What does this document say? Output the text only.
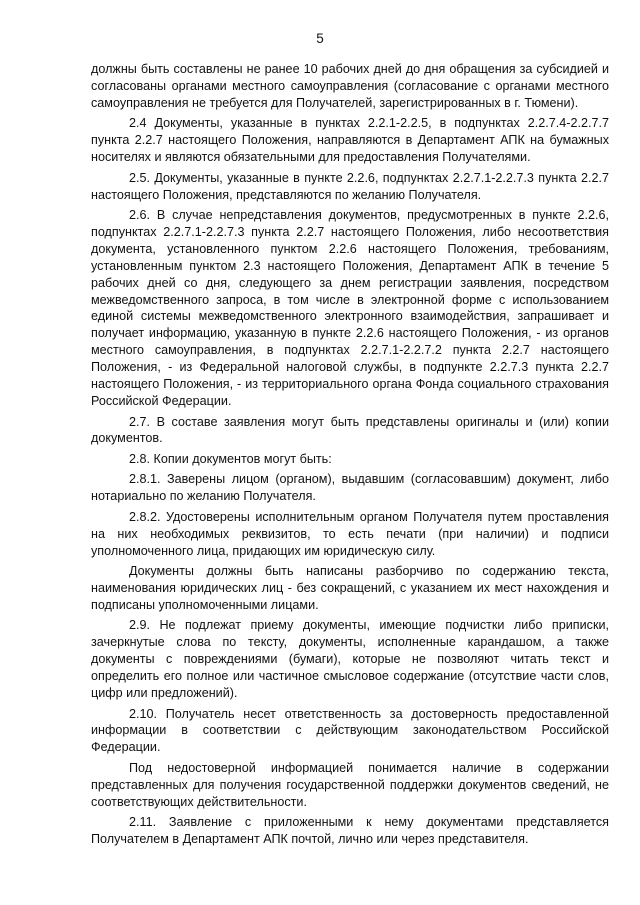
5

должны быть составлены не ранее 10 рабочих дней до дня обращения за субсидией и согласованы органами местного самоуправления (согласование с органами местного самоуправления не требуется для Получателей, зарегистрированных в г. Тюмени).

2.4 Документы, указанные в пунктах 2.2.1-2.2.5, в подпунктах 2.2.7.4-2.2.7.7 пункта 2.2.7 настоящего Положения, направляются в Департамент АПК на бумажных носителях и являются обязательными для предоставления Получателями.

2.5. Документы, указанные в пункте 2.2.6, подпунктах 2.2.7.1-2.2.7.3 пункта 2.2.7 настоящего Положения, представляются по желанию Получателя.

2.6. В случае непредставления документов, предусмотренных в пункте 2.2.6, подпунктах 2.2.7.1-2.2.7.3 пункта 2.2.7 настоящего Положения, либо несоответствия документа, установленного пунктом 2.2.6 настоящего Положения, требованиям, установленным пунктом 2.3 настоящего Положения, Департамент АПК в течение 5 рабочих дней со дня, следующего за днем регистрации заявления, посредством межведомственного запроса, в том числе в электронной форме с использованием единой системы межведомственного электронного взаимодействия, запрашивает и получает информацию, указанную в пункте 2.2.6 настоящего Положения, - из органов местного самоуправления, в подпунктах 2.2.7.1-2.2.7.2 пункта 2.2.7 настоящего Положения, - из Федеральной налоговой службы, в подпункте 2.2.7.3 пункта 2.2.7 настоящего Положения, - из территориального органа Фонда социального страхования Российской Федерации.

2.7. В составе заявления могут быть представлены оригиналы и (или) копии документов.

2.8. Копии документов могут быть:

2.8.1. Заверены лицом (органом), выдавшим (согласовавшим) документ, либо нотариально по желанию Получателя.

2.8.2. Удостоверены исполнительным органом Получателя путем проставления на них необходимых реквизитов, то есть печати (при наличии) и подписи уполномоченного лица, придающих им юридическую силу.

Документы должны быть написаны разборчиво по содержанию текста, наименования юридических лиц - без сокращений, с указанием их мест нахождения и подписаны уполномоченными лицами.

2.9. Не подлежат приему документы, имеющие подчистки либо приписки, зачеркнутые слова по тексту, документы, исполненные карандашом, а также документы с повреждениями (бумаги), которые не позволяют читать текст и определить его полное или частичное смысловое содержание (отсутствие части слов, цифр или предложений).

2.10. Получатель несет ответственность за достоверность предоставленной информации в соответствии с действующим законодательством Российской Федерации.

Под недостоверной информацией понимается наличие в содержании представленных для получения государственной поддержки документов сведений, не соответствующих действительности.

2.11. Заявление с приложенными к нему документами представляется Получателем в Департамент АПК почтой, лично или через представителя.
